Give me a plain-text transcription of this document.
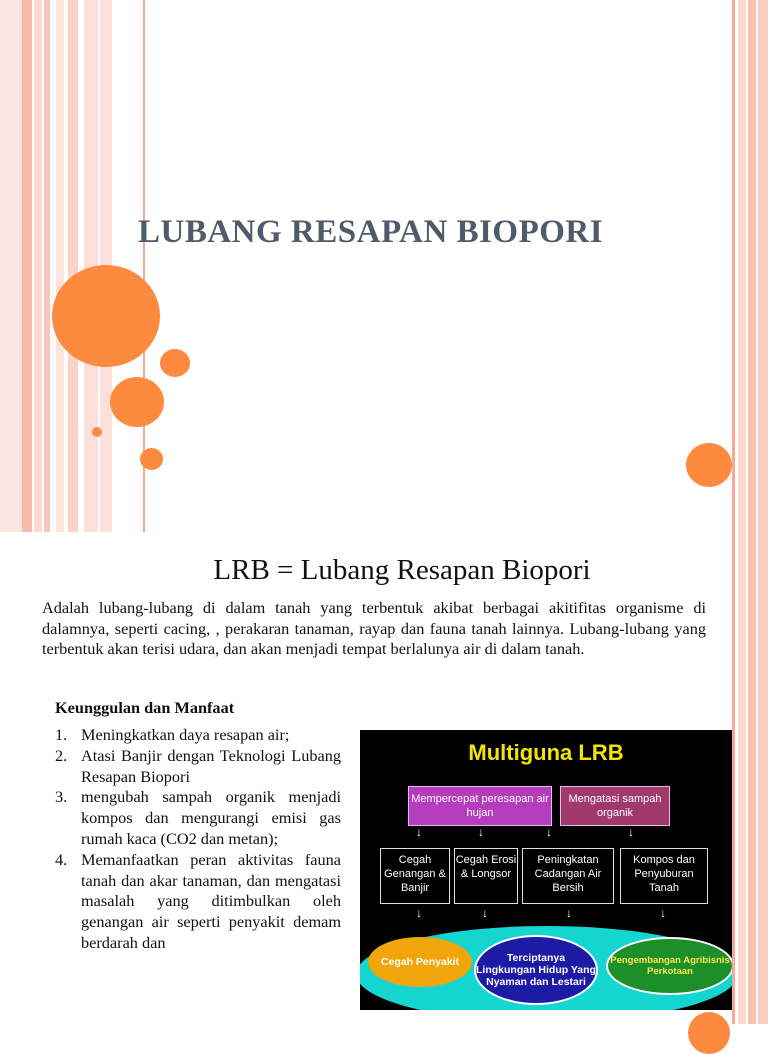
LUBANG RESAPAN BIOPORI
LRB = Lubang Resapan Biopori
Adalah lubang-lubang di dalam tanah yang terbentuk akibat berbagai akitifitas organisme di dalamnya, seperti cacing, , perakaran tanaman, rayap dan fauna tanah lainnya. Lubang-lubang yang terbentuk akan terisi udara, dan akan menjadi tempat berlalunya air di dalam tanah.
Keunggulan dan Manfaat
1. Meningkatkan daya resapan air;
2. Atasi Banjir dengan Teknologi Lubang Resapan Biopori
3. mengubah sampah organik menjadi kompos dan mengurangi emisi gas rumah kaca (CO2 dan metan);
4. Memanfaatkan peran aktivitas fauna tanah dan akar tanaman, dan mengatasi masalah yang ditimbulkan oleh genangan air seperti penyakit demam berdarah dan
Multiguna LRB
Mempercepat peresapan air hujan
Mengatasi sampah organik
↓	↓	↓	↓
Cegah Genangan & Banjir
Cegah Erosi & Longsor
Peningkatan Cadangan Air Bersih
Kompos dan Penyuburan Tanah
↓	↓	↓	↓
Cegah Penyakit	Terciptanya Lingkungan Hidup Yang Nyaman dan Lestari
Pengembangan Agribisnis Perkotaan
